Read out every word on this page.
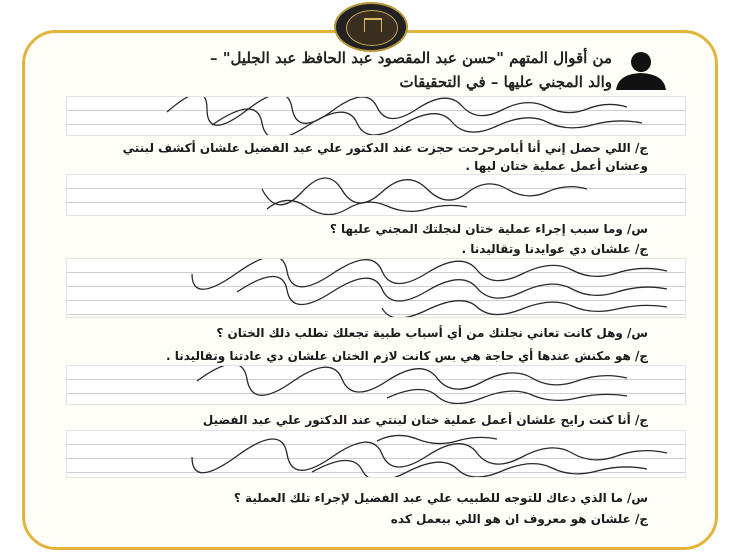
من أقوال المتهم "حسن عبد المقصود عبد الحافظ عبد الجليل" –
والد المجني عليها – في التحقيقات
ج/ اللي حصل إني أنا أبامرحرحت حجزت عند الدكتور علي عبد الفضيل علشان أكشف لبنتي
وعشان أعمل عملية ختان ليها .
س/ وما سبب إجراء عملية ختان لنجلتك المجني عليها ؟
ج/ علشان دي عوايدنا وتقاليدنا .
س/ وهل كانت تعاني نجلتك من أي أسباب طبية تجعلك تطلب ذلك الختان ؟
ج/ هو مكنش عندها أي حاجة هي بس كانت لازم الختان علشان دي عادتنا وتقاليدنا .
ج/ أنا كنت رايح علشان أعمل عملية ختان لبنتي عند الدكتور علي عبد الفضيل
س/ ما الذي دعاك للتوجه للطبيب علي عبد الفضيل لإجراء تلك العملية ؟
ج/ علشان هو معروف ان هو اللي بيعمل كده
